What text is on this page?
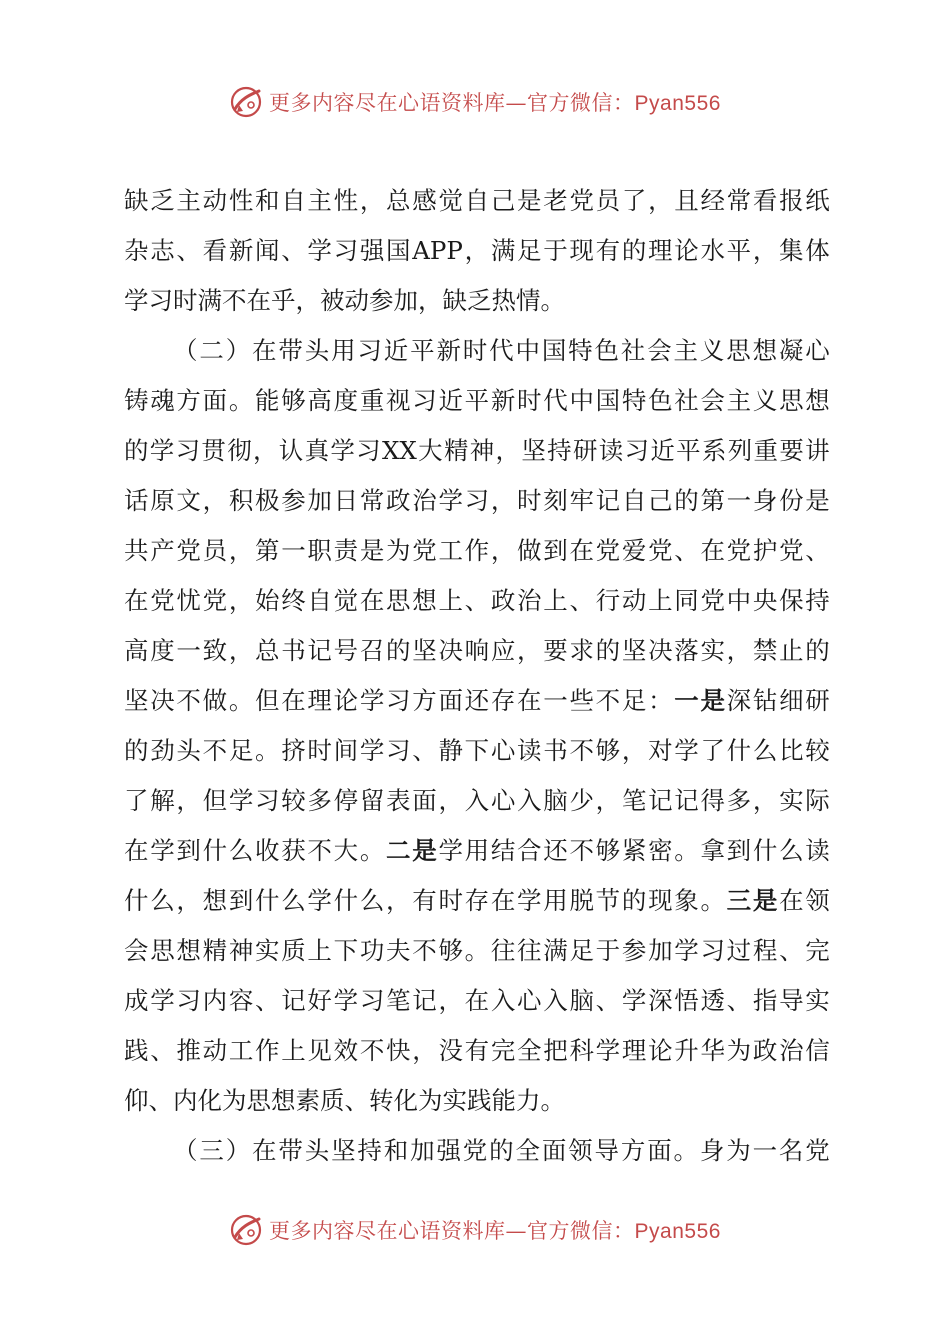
更多内容尽在心语资料库—官方微信：Pyan556
缺 乏 主 动 性 和 自 主 性 ， 总 感 觉 自 己 是 老 党 员 了 ， 且 经 常 看 报 纸
杂 志 、 看 新 闻 、 学 习 强 国 APP ， 满 足 于 现 有 的 理 论 水 平 ， 集 体
学 习 时 满 不 在 乎 ， 被 动 参 加 ， 缺 乏 热 情 。
（ 二 ） 在 带 头 用 习 近 平 新 时 代 中 国 特 色 社 会 主 义 思 想 凝 心
铸 魂 方 面 。 能 够 高 度 重 视 习 近 平 新 时 代 中 国 特 色 社 会 主 义 思 想
的 学 习 贯 彻 ， 认 真 学 习 XX 大 精 神 ， 坚 持 研 读 习 近 平 系 列 重 要 讲
话 原 文 ， 积 极 参 加 日 常 政 治 学 习 ， 时 刻 牢 记 自 己 的 第 一 身 份 是
共 产 党 员 ， 第 一 职 责 是 为 党 工 作 ， 做 到 在 党 爱 党 、 在 党 护 党 、
在 党 忧 党 ， 始 终 自 觉 在 思 想 上 、 政 治 上 、 行 动 上 同 党 中 央 保 持
高 度 一 致 ， 总 书 记 号 召 的 坚 决 响 应 ， 要 求 的 坚 决 落 实 ， 禁 止 的
坚 决 不 做 。 但 在 理 论 学 习 方 面 还 存 在 一 些 不 足 ： 一 是 深 钻 细 研
的 劲 头 不 足 。 挤 时 间 学 习 、 静 下 心 读 书 不 够 ， 对 学 了 什 么 比 较
了 解 ， 但 学 习 较 多 停 留 表 面 ， 入 心 入 脑 少 ， 笔 记 记 得 多 ， 实 际
在 学 到 什 么 收 获 不 大 。 二 是 学 用 结 合 还 不 够 紧 密 。 拿 到 什 么 读
什 么 ， 想 到 什 么 学 什 么 ， 有 时 存 在 学 用 脱 节 的 现 象 。 三 是 在 领
会 思 想 精 神 实 质 上 下 功 夫 不 够 。 往 往 满 足 于 参 加 学 习 过 程 、 完
成 学 习 内 容 、 记 好 学 习 笔 记 ， 在 入 心 入 脑 、 学 深 悟 透 、 指 导 实
践 、 推 动 工 作 上 见 效 不 快 ， 没 有 完 全 把 科 学 理 论 升 华 为 政 治 信
仰 、 内 化 为 思 想 素 质 、 转 化 为 实 践 能 力 。
（ 三 ） 在 带 头 坚 持 和 加 强 党 的 全 面 领 导 方 面 。 身 为 一 名 党
更多内容尽在心语资料库—官方微信：Pyan556
